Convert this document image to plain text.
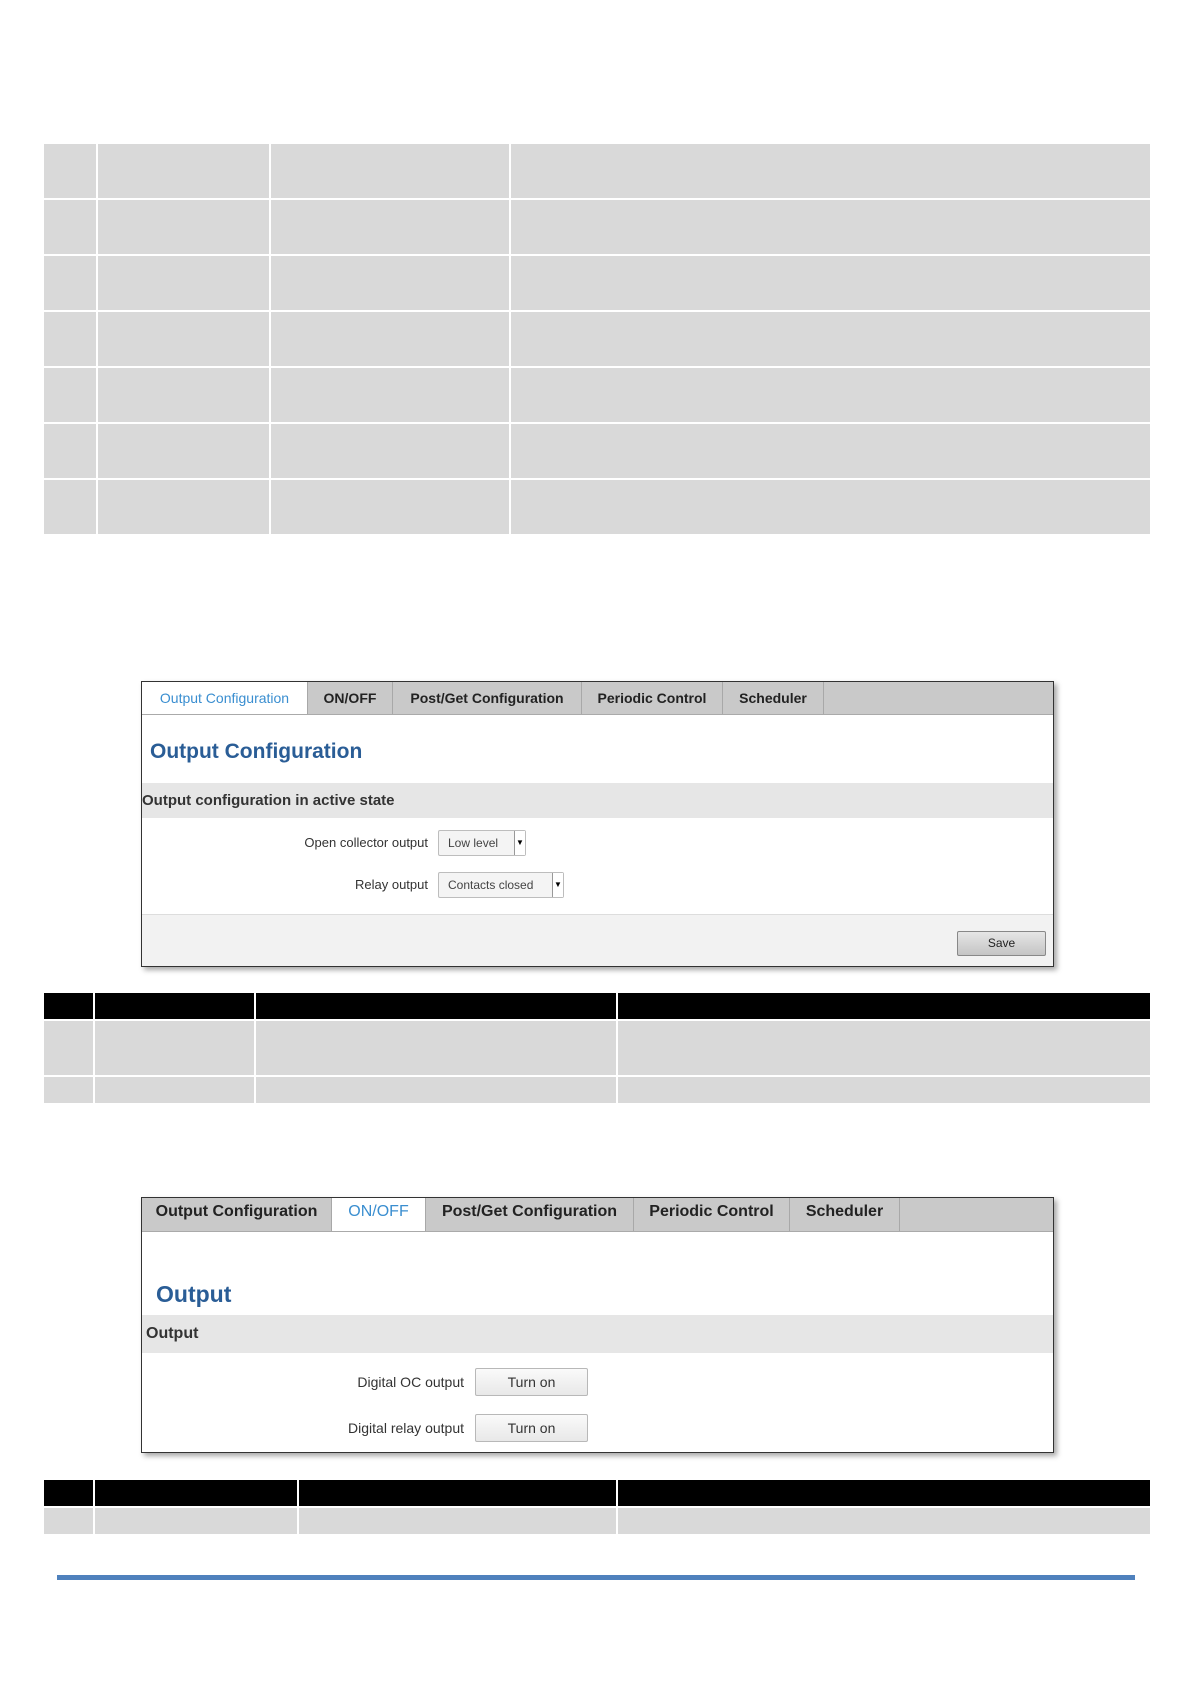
Output Configuration	ON/OFF	Post/Get Configuration	Periodic Control	Scheduler
Output Configuration
Output configuration in active state
Open collector output	Low level ▼
Relay output	Contacts closed	▼
Save

Output Configuration	ON/OFF	Post/Get Configuration	Periodic Control	Scheduler
Output
Output
Digital OC output	Turn on
Digital relay output	Turn on
